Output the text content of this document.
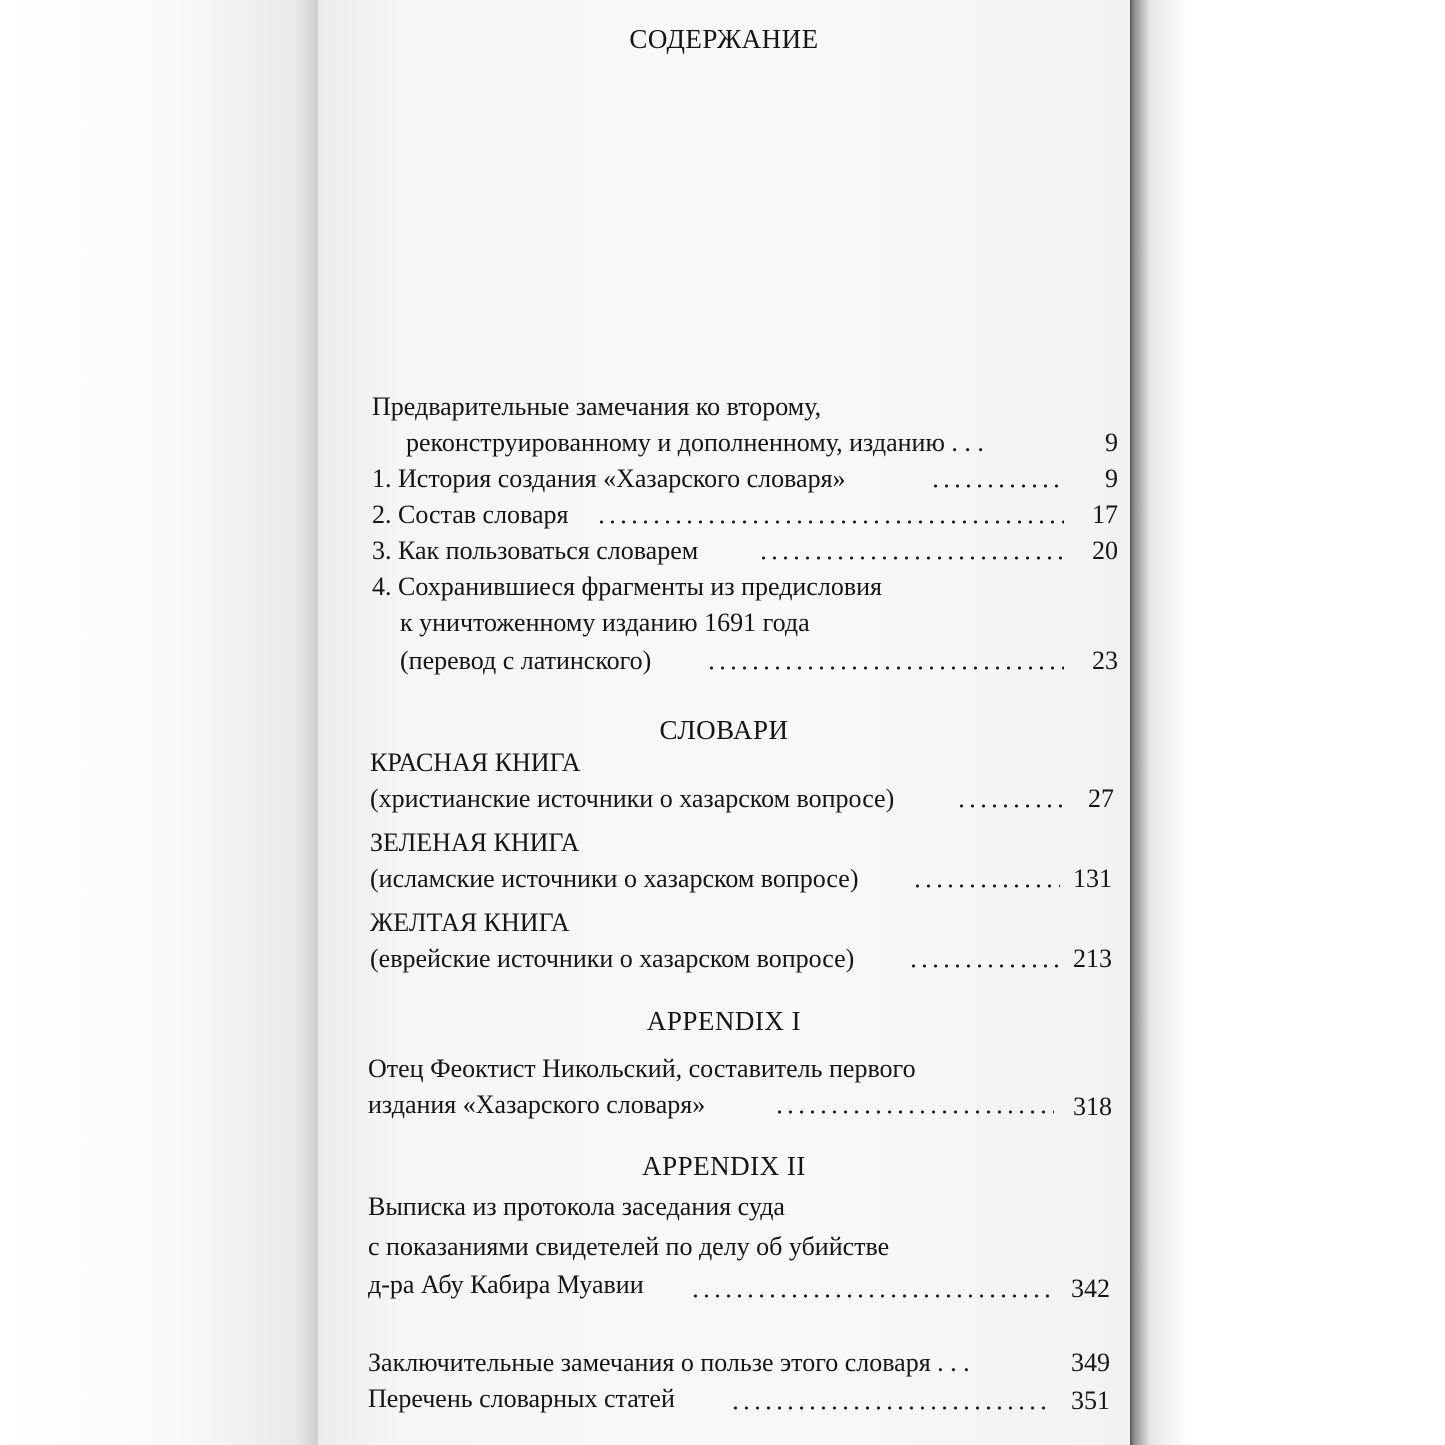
СОДЕРЖАНИЕ
Предварительные замечания ко второму,
реконструированному и дополненному, изданию . . .	9
1. История создания «Хазарского словаря»	9
2. Состав словаря	17
3. Как пользоваться словарем	20
4. Сохранившиеся фрагменты из предисловия
к уничтоженному изданию 1691 года
(перевод с латинского)	23
СЛОВАРИ
КРАСНАЯ КНИГА
(христианские источники о хазарском вопросе)	27
ЗЕЛЕНАЯ КНИГА
(исламские источники о хазарском вопросе)	131
ЖЕЛТАЯ КНИГА
(еврейские источники о хазарском вопросе)	213
APPENDIX I
Отец Феоктист Никольский, составитель первого
издания «Хазарского словаря»	318
APPENDIX II
Выписка из протокола заседания суда
с показаниями свидетелей по делу об убийстве
д-ра Абу Кабира Муавии	342
Заключительные замечания о пользе этого словаря . . .	349
Перечень словарных статей	351
